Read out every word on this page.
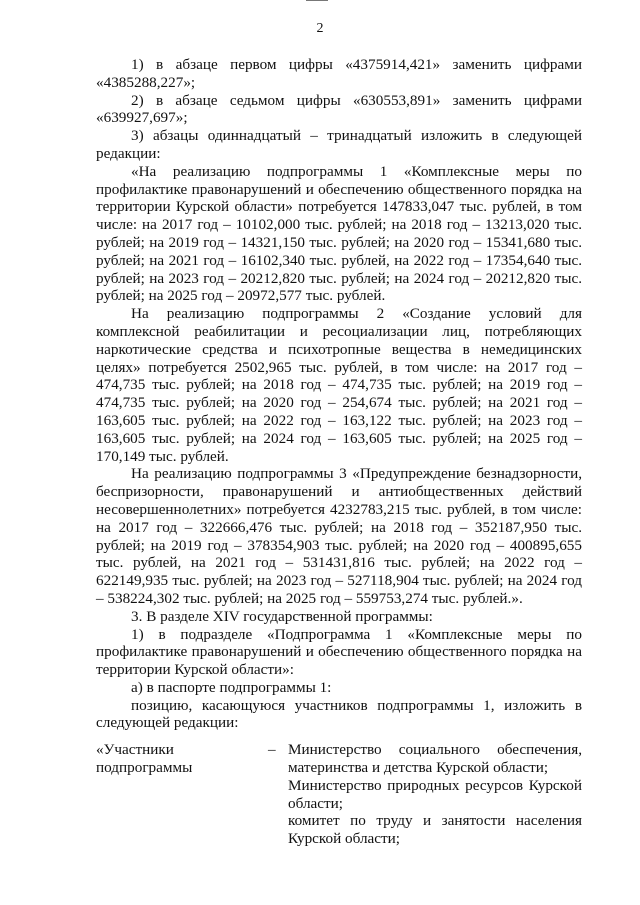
2

1) в абзаце первом цифры «4375914,421» заменить цифрами «4385288,227»;

2) в абзаце седьмом цифры «630553,891» заменить цифрами «639927,697»;

3) абзацы одиннадцатый – тринадцатый изложить в следующей редакции:

«На реализацию подпрограммы 1 «Комплексные меры по профилактике правонарушений и обеспечению общественного порядка на территории Курской области» потребуется 147833,047 тыс. рублей, в том числе: на 2017 год – 10102,000 тыс. рублей; на 2018 год – 13213,020 тыс. рублей; на 2019 год – 14321,150 тыс. рублей; на 2020 год – 15341,680 тыс. рублей; на 2021 год – 16102,340 тыс. рублей, на 2022 год – 17354,640 тыс. рублей; на 2023 год – 20212,820 тыс. рублей; на 2024 год – 20212,820 тыс. рублей; на 2025 год – 20972,577 тыс. рублей.

На реализацию подпрограммы 2 «Создание условий для комплексной реабилитации и ресоциализации лиц, потребляющих наркотические средства и психотропные вещества в немедицинских целях» потребуется 2502,965 тыс. рублей, в том числе: на 2017 год – 474,735 тыс. рублей; на 2018 год – 474,735 тыс. рублей; на 2019 год – 474,735 тыс. рублей; на 2020 год – 254,674 тыс. рублей; на 2021 год – 163,605 тыс. рублей; на 2022 год – 163,122 тыс. рублей; на 2023 год – 163,605 тыс. рублей; на 2024 год – 163,605 тыс. рублей; на 2025 год – 170,149 тыс. рублей.

На реализацию подпрограммы 3 «Предупреждение безнадзорности, беспризорности, правонарушений и антиобщественных действий несовершеннолетних» потребуется 4232783,215 тыс. рублей, в том числе: на 2017 год – 322666,476 тыс. рублей; на 2018 год – 352187,950 тыс. рублей; на 2019 год – 378354,903 тыс. рублей; на 2020 год – 400895,655 тыс. рублей, на 2021 год – 531431,816 тыс. рублей; на 2022 год – 622149,935 тыс. рублей; на 2023 год – 527118,904 тыс. рублей; на 2024 год – 538224,302 тыс. рублей; на 2025 год – 559753,274 тыс. рублей.».

3. В разделе XIV государственной программы:

1) в подразделе «Подпрограмма 1 «Комплексные меры по профилактике правонарушений и обеспечению общественного порядка на территории Курской области»:

а) в паспорте подпрограммы 1:

позицию, касающуюся участников подпрограммы 1, изложить в следующей редакции:

«Участники подпрограммы
– Министерство социального обеспечения, материнства и детства Курской области;

Министерство природных ресурсов Курской области;

комитет по труду и занятости населения Курской области;
